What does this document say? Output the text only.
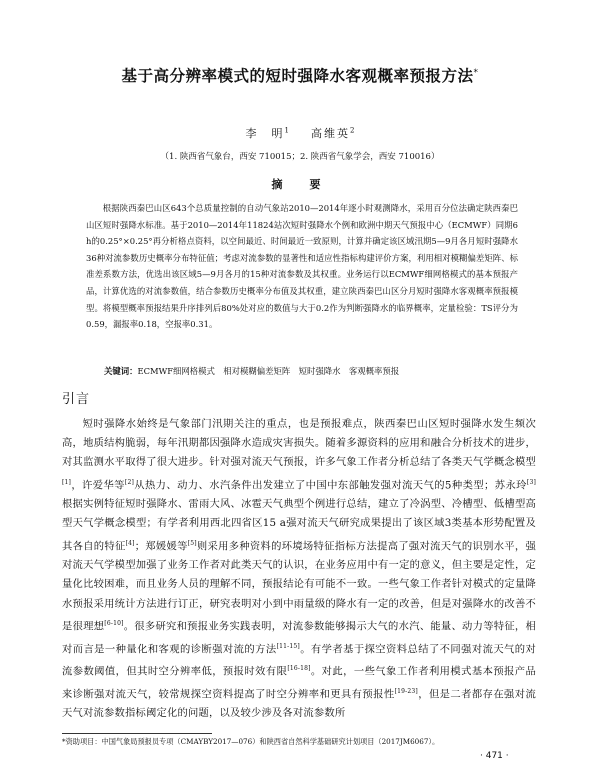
基于高分辨率模式的短时强降水客观概率预报方法*
李　明$^1$ 高维英$^2$
（1. 陕西省气象台，西安 710015；2. 陕西省气象学会，西安 710016）
摘　要
根据陕西秦巴山区643个总质量控制的自动气象站2010—2014年逐小时观测降水，采用百分位法确定陕西秦巴山区短时强降水标准。基于2010—2014年11824站次短时强降水个例和欧洲中期天气预报中心（ECMWF）同期6 h的0.25°×0.25°再分析格点资料，以空间最近、时间最近一致原则，计算并确定该区域汛期5—9月各月短时强降水36种对流参数历史概率分布特征值；考虑对流参数的显著性和适应性指标构建评价方案，利用相对模糊偏差矩阵、标准差系数方法，优选出该区域5—9月各月的15种对流参数及其权重。业务运行以ECMWF细网格模式的基本预报产品，计算优选的对流参数值，结合参数历史概率分布值及其权重，建立陕西秦巴山区分月短时强降水客观概率预报模型。将模型概率预报结果升序排列后80%处对应的数值与大于0.2作为判断强降水的临界概率，定量检验：TS评分为0.59，漏报率0.18，空报率0.31。
关键词：ECMWF细网格模式　相对模糊偏差矩阵　短时强降水　客观概率预报
引言
短时强降水始终是气象部门汛期关注的重点，也是预报难点，陕西秦巴山区短时强降水发生频次高，地质结构脆弱，每年汛期都因强降水造成灾害损失。随着多源资料的应用和融合分析技术的进步，对其监测水平取得了很大进步。针对强对流天气预报，许多气象工作者分析总结了各类天气学概念模型[1]，许爱华等[2]从热力、动力、水汽条件出发建立了中国中东部触发强对流天气的5种类型；苏永玲[3]根据实例特征短时强降水、雷雨大风、冰雹天气典型个例进行总结，建立了冷涡型、冷槽型、低槽型高型天气学概念模型；有学者利用西北四省区15 a强对流天气研究成果提出了该区域3类基本形势配置及其各自的特征[4]；郑媛媛等[5]则采用多种资料的环境场特征指标方法提高了强对流天气的识别水平，强对流天气学模型加强了业务工作者对此类天气的认识，在业务应用中有一定的意义，但主要是定性，定量化比较困难，而且业务人员的理解不同，预报结论有可能不一致。一些气象工作者针对模式的定量降水预报采用统计方法进行订正，研究表明对小到中雨量级的降水有一定的改善，但是对强降水的改善不是很理想[6-10]。很多研究和预报业务实践表明，对流参数能够揭示大气的水汽、能量、动力等特征，相对而言是一种量化和客观的诊断强对流的方法[11-15]。有学者基于探空资料总结了不同强对流天气的对流参数阈值，但其时空分辨率低，预报时效有限[16-18]。对此，一些气象工作者利用模式基本预报产品来诊断强对流天气，较常规探空资料提高了时空分辨率和更具有预报性[19-23]，但是二者都存在强对流天气对流参数指标阈定化的问题，以及较少涉及各对流参数所
*资助项目：中国气象局预报员专项（CMAYBY2017—076）和陕西省自然科学基础研究计划项目（2017JM6067）。
· 471 ·
